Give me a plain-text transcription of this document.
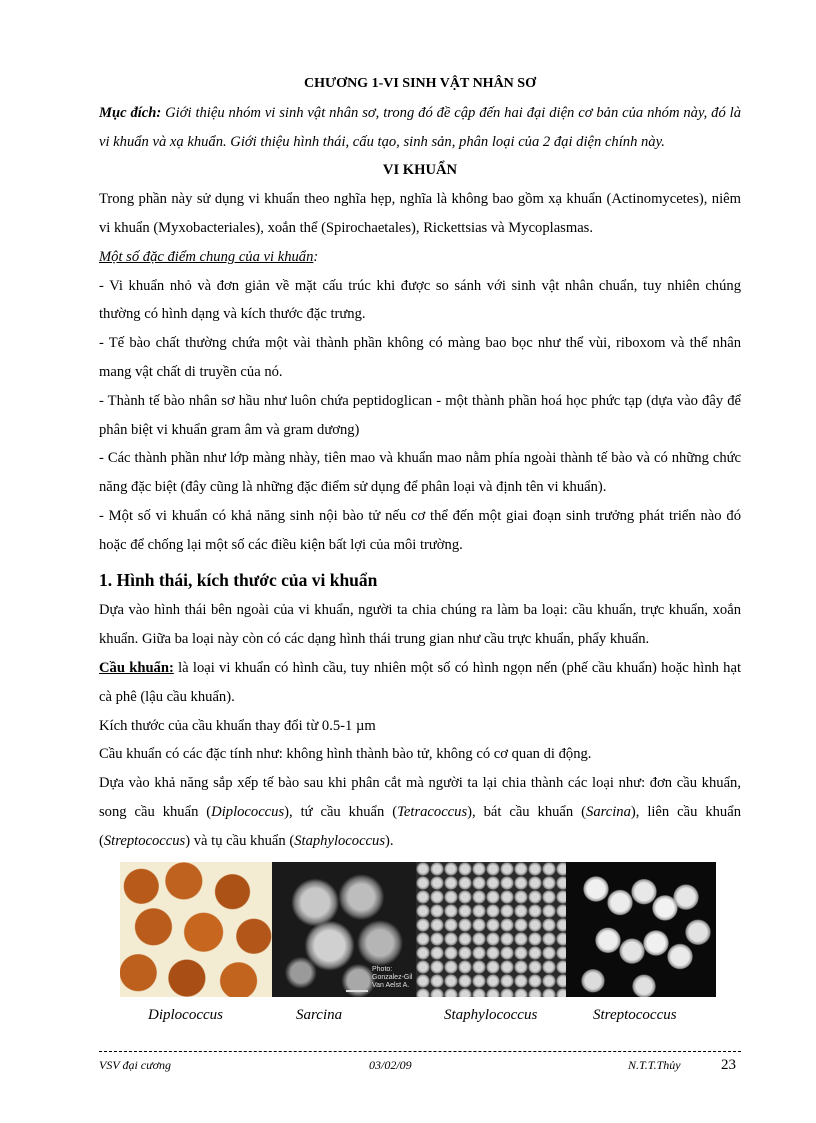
CHƯƠNG 1-VI SINH VẬT NHÂN SƠ

Mục đích: Giới thiệu nhóm vi sinh vật nhân sơ, trong đó đề cập đến hai đại diện cơ bản của nhóm này, đó là vi khuẩn và xạ khuẩn. Giới thiệu hình thái, cấu tạo, sinh sản, phân loại của 2 đại diện chính này.

VI KHUẨN

Trong phần này sử dụng vi khuẩn theo nghĩa hẹp, nghĩa là không bao gồm xạ khuẩn (Actinomycetes), niêm vi khuẩn (Myxobacteriales), xoắn thể (Spirochaetales), Rickettsias và Mycoplasmas.

Một số đặc điểm chung của vi khuẩn:

- Vi khuẩn nhỏ và đơn giản về mặt cấu trúc khi được so sánh với sinh vật nhân chuẩn, tuy nhiên chúng thường có hình dạng và kích thước đặc trưng.

- Tế bào chất thường chứa một vài thành phần không có màng bao bọc như thể vùi, riboxom và thể nhân mang vật chất di truyền của nó.

- Thành tế bào nhân sơ hầu như luôn chứa peptidoglican - một thành phần hoá học phức tạp (dựa vào đây để phân biệt vi khuẩn gram âm và gram dương)

- Các thành phần như lớp màng nhày, tiên mao và khuẩn mao nằm phía ngoài thành tế bào và có những chức năng đặc biệt (đây cũng là những đặc điểm sử dụng để phân loại và định tên vi khuẩn).

- Một số vi khuẩn có khả năng sinh nội bào tử nếu cơ thể đến một giai đoạn sinh trưởng phát triển nào đó hoặc để chống lại một số các điều kiện bất lợi của môi trường.

1. Hình thái, kích thước của vi khuẩn

Dựa vào hình thái bên ngoài của vi khuẩn, người ta chia chúng ra làm ba loại: cầu khuẩn, trực khuẩn, xoắn khuẩn. Giữa ba loại này còn có các dạng hình thái trung gian như cầu trực khuẩn, phẩy khuẩn.

Cầu khuẩn: là loại vi khuẩn có hình cầu, tuy nhiên một số có hình ngọn nến (phế cầu khuẩn) hoặc hình hạt cà phê (lậu cầu khuẩn).

Kích thước của cầu khuẩn thay đổi từ 0.5-1 µm

Cầu khuẩn có các đặc tính như: không hình thành bào tử, không có cơ quan di động.

Dựa vào khả năng sắp xếp tế bào sau khi phân cắt mà người ta lại chia thành các loại như: đơn cầu khuẩn, song cầu khuẩn (Diplococcus), tứ cầu khuẩn (Tetracoccus), bát cầu khuẩn (Sarcina), liên cầu khuẩn (Streptococcus) và tụ cầu khuẩn (Staphylococcus).

Photo:
Gonzalez-Gil
Van Aelst A.
Diplococcus	Sarcina	Staphylococcus	Streptococcus
VSV đại cương	03/02/09	N.T.T.Thủy	23
